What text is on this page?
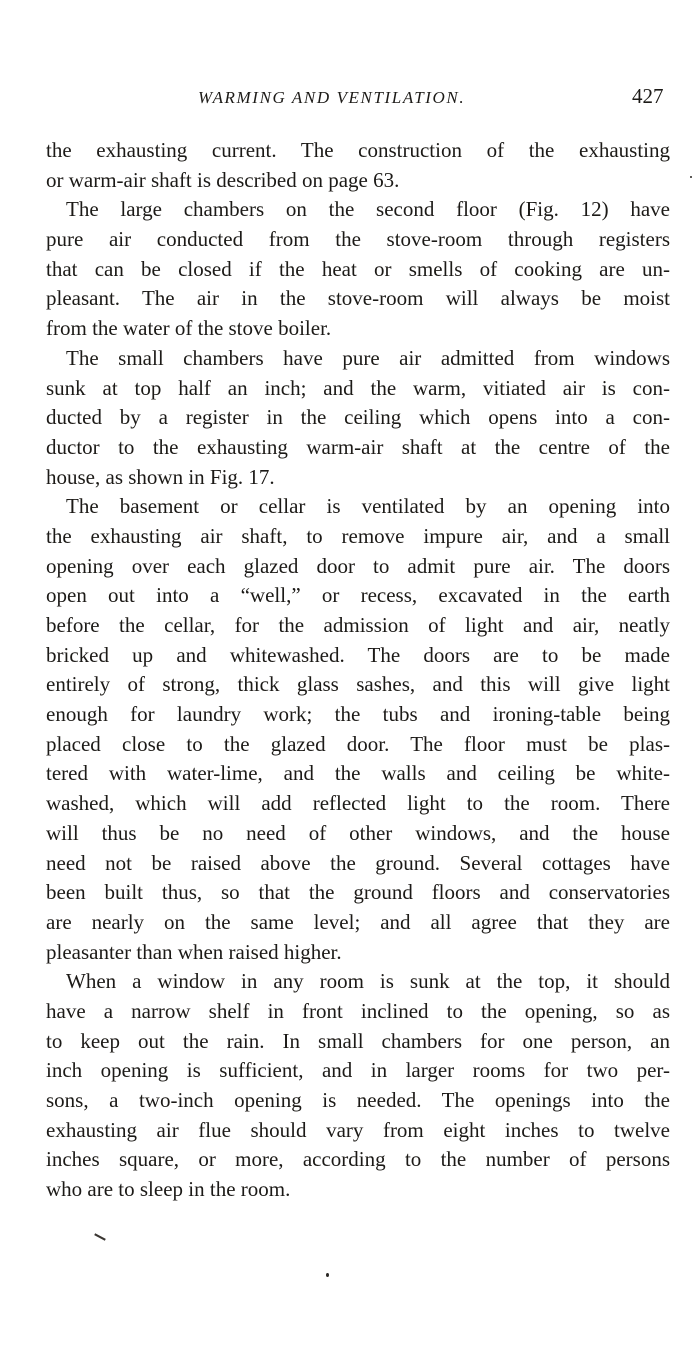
WARMING AND VENTILATION.	427
the exhausting current. The construction of the exhausting
or warm-air shaft is described on page 63.
The large chambers on the second floor (Fig. 12) have
pure air conducted from the stove-room through registers
that can be closed if the heat or smells of cooking are un-
pleasant. The air in the stove-room will always be moist
from the water of the stove boiler.
The small chambers have pure air admitted from windows
sunk at top half an inch; and the warm, vitiated air is con-
ducted by a register in the ceiling which opens into a con-
ductor to the exhausting warm-air shaft at the centre of the
house, as shown in Fig. 17.
The basement or cellar is ventilated by an opening into
the exhausting air shaft, to remove impure air, and a small
opening over each glazed door to admit pure air. The doors
open out into a “well,” or recess, excavated in the earth
before the cellar, for the admission of light and air, neatly
bricked up and whitewashed. The doors are to be made
entirely of strong, thick glass sashes, and this will give light
enough for laundry work; the tubs and ironing-table being
placed close to the glazed door. The floor must be plas-
tered with water-lime, and the walls and ceiling be white-
washed, which will add reflected light to the room. There
will thus be no need of other windows, and the house
need not be raised above the ground. Several cottages have
been built thus, so that the ground floors and conservatories
are nearly on the same level; and all agree that they are
pleasanter than when raised higher.
When a window in any room is sunk at the top, it should
have a narrow shelf in front inclined to the opening, so as
to keep out the rain. In small chambers for one person, an
inch opening is sufficient, and in larger rooms for two per-
sons, a two-inch opening is needed. The openings into the
exhausting air flue should vary from eight inches to twelve
inches square, or more, according to the number of persons
who are to sleep in the room.
